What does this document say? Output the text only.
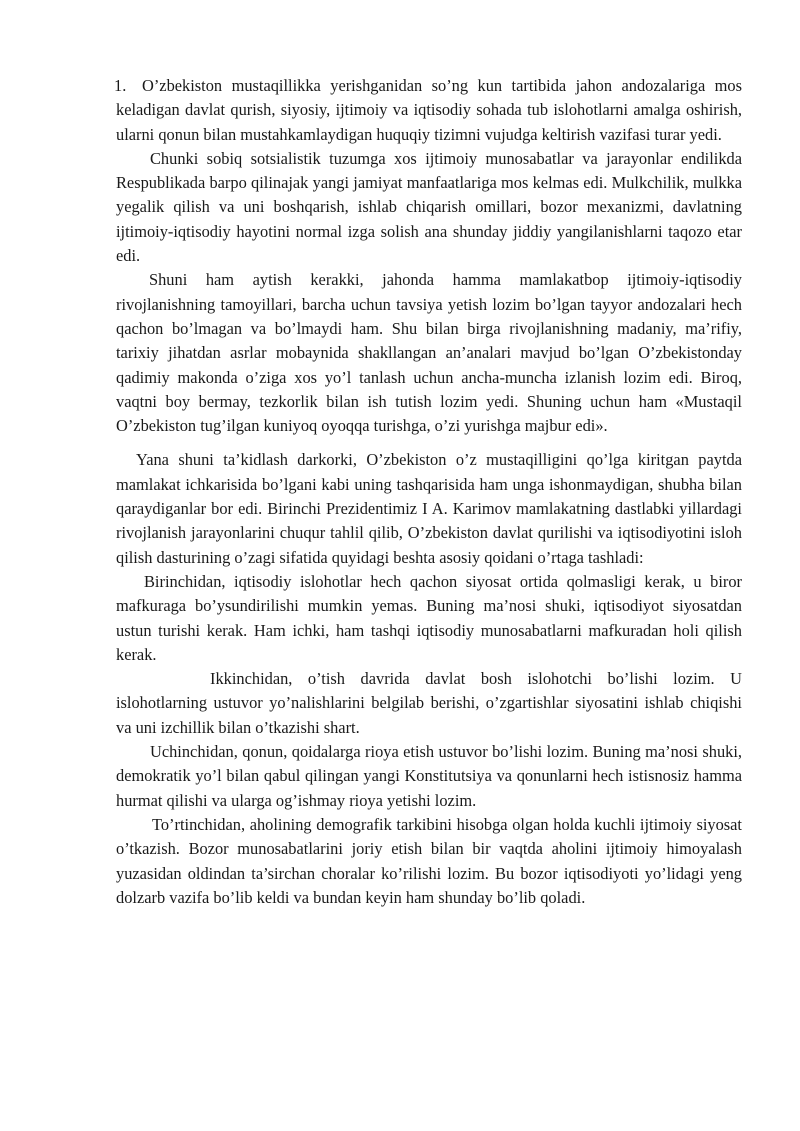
1. O’zbekiston mustaqillikka yerishganidan so’ng kun tartibida jahon andozalariga mos keladigan davlat qurish, siyosiy, ijtimoiy va iqtisodiy sohada tub islohotlarni amalga oshirish, ularni qonun bilan mustahkamlaydigan huquqiy tizimni vujudga keltirish vazifasi turar yedi.

Chunki sobiq sotsialistik tuzumga xos ijtimoiy munosabatlar va jarayonlar endilikda Respublikada barpo qilinajak yangi jamiyat manfaatlariga mos kelmas edi. Mulkchilik, mulkka yegalik qilish va uni boshqarish, ishlab chiqarish omillari, bozor mexanizmi, davlatning ijtimoiy-iqtisodiy hayotini normal izga solish ana shunday jiddiy yangilanishlarni taqozo etar edi.

Shuni ham aytish kerakki, jahonda hamma mamlakatbop ijtimoiy-iqtisodiy rivojlanishning tamoyillari, barcha uchun tavsiya yetish lozim bo’lgan tayyor andozalari hech qachon bo’lmagan va bo’lmaydi ham. Shu bilan birga rivojlanishning madaniy, ma’rifiy, tarixiy jihatdan asrlar mobaynida shakllangan an’analari mavjud bo’lgan O’zbekistonday qadimiy makonda o’ziga xos yo’l tanlash uchun ancha-muncha izlanish lozim edi. Biroq, vaqtni boy bermay, tezkorlik bilan ish tutish lozim yedi. Shuning uchun ham «Mustaqil O’zbekiston tug’ilgan kuniyoq oyoqqa turishga, o’zi yurishga majbur edi».

Yana shuni ta’kidlash darkorki, O’zbekiston o’z mustaqilligini qo’lga kiritgan paytda mamlakat ichkarisida bo’lgani kabi uning tashqarisida ham unga ishonmaydigan, shubha bilan qaraydiganlar bor edi. Birinchi Prezidentimiz I A. Karimov mamlakatning dastlabki yillardagi rivojlanish jarayonlarini chuqur tahlil qilib, O’zbekiston davlat qurilishi va iqtisodiyotini isloh qilish dasturining o’zagi sifatida quyidagi beshta asosiy qoidani o’rtaga tashladi:

Birinchidan, iqtisodiy islohotlar hech qachon siyosat ortida qolmasligi kerak, u biror mafkuraga bo’ysundirilishi mumkin yemas. Buning ma’nosi shuki, iqtisodiyot siyosatdan ustun turishi kerak. Ham ichki, ham tashqi iqtisodiy munosabatlarni mafkuradan holi qilish kerak.

Ikkinchidan, o’tish davrida davlat bosh islohotchi bo’lishi lozim. U islohotlarning ustuvor yo’nalishlarini belgilab berishi, o’zgartishlar siyosatini ishlab chiqishi va uni izchillik bilan o’tkazishi shart.

Uchinchidan, qonun, qoidalarga rioya etish ustuvor bo’lishi lozim. Buning ma’nosi shuki, demokratik yo’l bilan qabul qilingan yangi Konstitutsiya va qonunlarni hech istisnosiz hamma hurmat qilishi va ularga og’ishmay rioya yetishi lozim.

To’rtinchidan, aholining demografik tarkibini hisobga olgan holda kuchli ijtimoiy siyosat o’tkazish. Bozor munosabatlarini joriy etish bilan bir vaqtda aholini ijtimoiy himoyalash yuzasidan oldindan ta’sirchan choralar ko’rilishi lozim. Bu bozor iqtisodiyoti yo’lidagi yeng dolzarb vazifa bo’lib keldi va bundan keyin ham shunday bo’lib qoladi.
